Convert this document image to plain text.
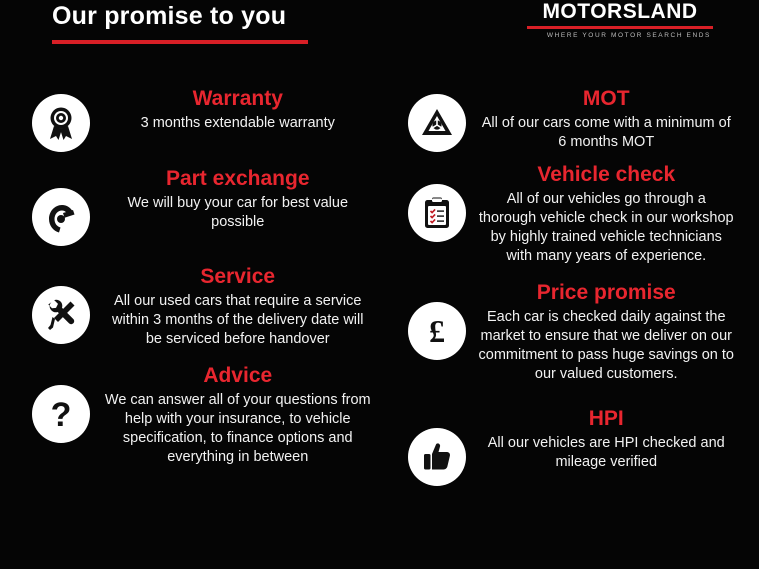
Our promise to you	MOTORSLAND
WHERE YOUR MOTOR SEARCH ENDS
Warranty
3 months extendable warranty
Part exchange
We will buy your car for best value possible
Service
All our used cars that require a service within 3 months of the delivery date will be serviced before handover
?
Advice
We can answer all of your questions from help with your insurance, to vehicle specification, to finance options and everything in between
MOT
All of our cars come with a minimum of 6 months MOT
Vehicle check
All of our vehicles go through a thorough vehicle check in our workshop by highly trained vehicle technicians with many years of experience.
£
Price promise
Each car is checked daily against the market to ensure that we deliver on our commitment to pass huge savings on to our valued customers.
HPI
All our vehicles are HPI checked and mileage verified
